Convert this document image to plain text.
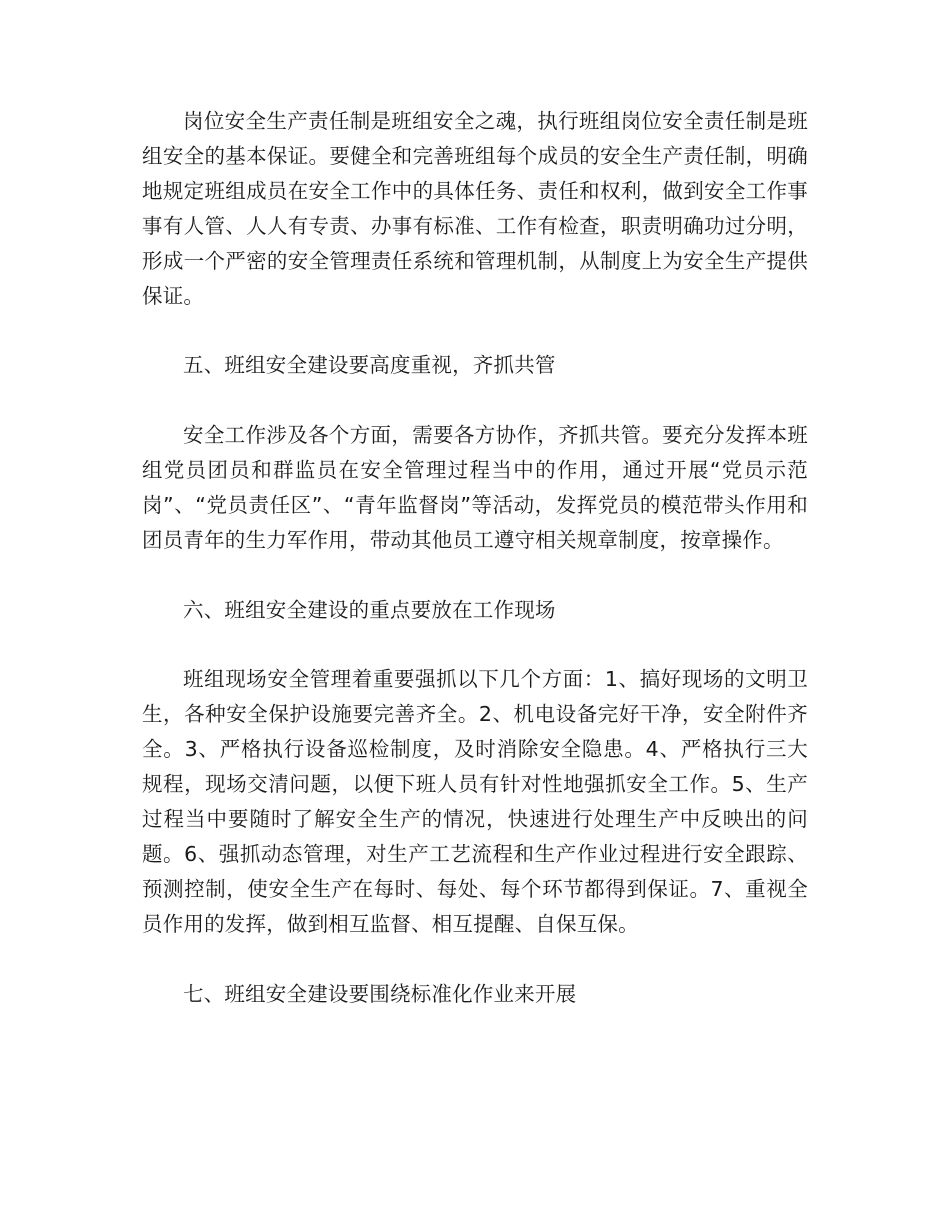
岗位安全生产责任制是班组安全之魂，执行班组岗位安全责任制是班组安全的基本保证。要健全和完善班组每个成员的安全生产责任制，明确地规定班组成员在安全工作中的具体任务、责任和权利，做到安全工作事事有人管、人人有专责、办事有标准、工作有检查，职责明确功过分明，形成一个严密的安全管理责任系统和管理机制，从制度上为安全生产提供保证。

五、班组安全建设要高度重视，齐抓共管

安全工作涉及各个方面，需要各方协作，齐抓共管。要充分发挥本班组党员团员和群监员在安全管理过程当中的作用，通过开展“党员示范岗”、“党员责任区”、“青年监督岗”等活动，发挥党员的模范带头作用和团员青年的生力军作用，带动其他员工遵守相关规章制度，按章操作。

六、班组安全建设的重点要放在工作现场

班组现场安全管理着重要强抓以下几个方面：1、搞好现场的文明卫生，各种安全保护设施要完善齐全。2、机电设备完好干净，安全附件齐全。3、严格执行设备巡检制度，及时消除安全隐患。4、严格执行三大规程，现场交清问题，以便下班人员有针对性地强抓安全工作。5、生产过程当中要随时了解安全生产的情况，快速进行处理生产中反映出的问题。6、强抓动态管理，对生产工艺流程和生产作业过程进行安全跟踪、预测控制，使安全生产在每时、每处、每个环节都得到保证。7、重视全员作用的发挥，做到相互监督、相互提醒、自保互保。

七、班组安全建设要围绕标准化作业来开展
